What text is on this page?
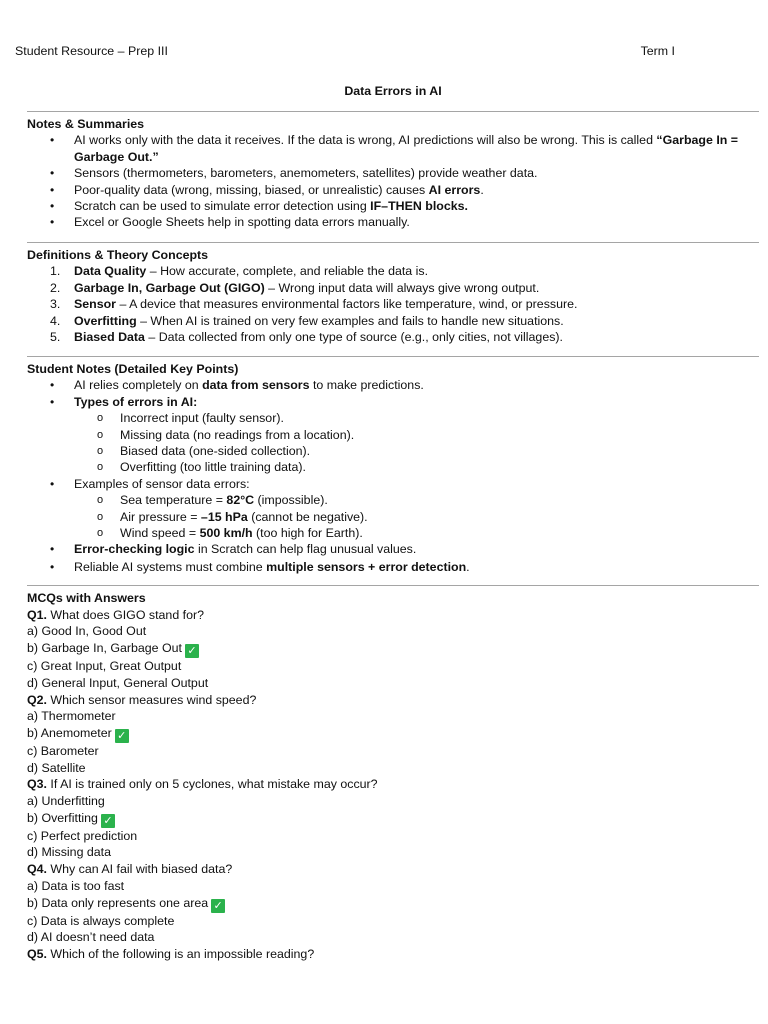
Student Resource – Prep III	Term I
Data Errors in AI
Notes & Summaries
• AI works only with the data it receives. If the data is wrong, AI predictions will also be wrong. This is called “Garbage In = Garbage Out.”
• Sensors (thermometers, barometers, anemometers, satellites) provide weather data.
• Poor-quality data (wrong, missing, biased, or unrealistic) causes AI errors.
• Scratch can be used to simulate error detection using IF–THEN blocks.
• Excel or Google Sheets help in spotting data errors manually.
Definitions & Theory Concepts
1. Data Quality – How accurate, complete, and reliable the data is.
2. Garbage In, Garbage Out (GIGO) – Wrong input data will always give wrong output.
3. Sensor – A device that measures environmental factors like temperature, wind, or pressure.
4. Overfitting – When AI is trained on very few examples and fails to handle new situations.
5. Biased Data – Data collected from only one type of source (e.g., only cities, not villages).
Student Notes (Detailed Key Points)
• AI relies completely on data from sensors to make predictions.
• Types of errors in AI:
o Incorrect input (faulty sensor).
o Missing data (no readings from a location).
o Biased data (one-sided collection).
o Overfitting (too little training data).
• Examples of sensor data errors:
o Sea temperature = 82°C (impossible).
o Air pressure = –15 hPa (cannot be negative).
o Wind speed = 500 km/h (too high for Earth).
• Error-checking logic in Scratch can help flag unusual values.
• Reliable AI systems must combine multiple sensors + error detection.
MCQs with Answers
Q1. What does GIGO stand for?
a) Good In, Good Out
b) Garbage In, Garbage Out ✓
c) Great Input, Great Output
d) General Input, General Output
Q2. Which sensor measures wind speed?
a) Thermometer
b) Anemometer ✓
c) Barometer
d) Satellite
Q3. If AI is trained only on 5 cyclones, what mistake may occur?
a) Underfitting
b) Overfitting ✓
c) Perfect prediction
d) Missing data
Q4. Why can AI fail with biased data?
a) Data is too fast
b) Data only represents one area ✓
c) Data is always complete
d) AI doesn’t need data
Q5. Which of the following is an impossible reading?
